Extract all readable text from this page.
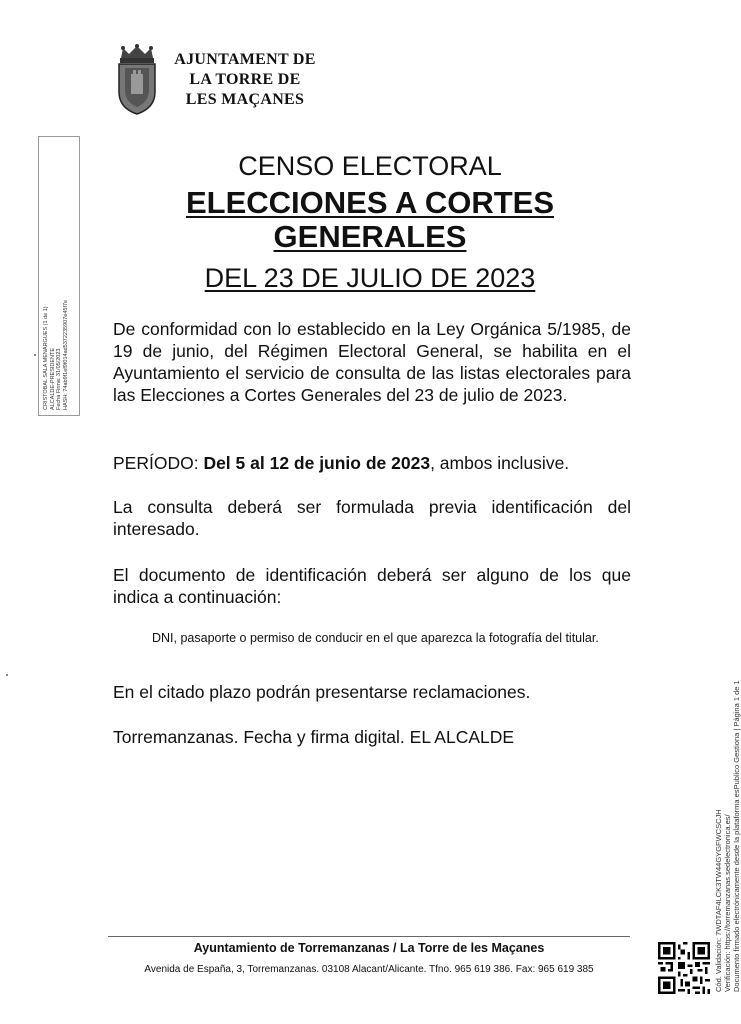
AJUNTAMENT DE
LA TORRE DE
LES MAÇANES
CRISTOBAL SALA MENARGUES (1 de 1) ALCALDE-PRESIDENTE Fecha Firma: 31/05/2023 HASH: 74ab9f1ef9f014ad5372235907e45f7e
CENSO ELECTORAL
ELECCIONES A CORTES
GENERALES
DEL 23 DE JULIO DE 2023
De conformidad con lo establecido en la Ley Orgánica 5/1985, de 19 de junio, del Régimen Electoral General, se habilita en el Ayuntamiento el servicio de consulta de las listas electorales para las Elecciones a Cortes Generales del 23 de julio de 2023.
PERÍODO: Del 5 al 12 de junio de 2023, ambos inclusive.
La consulta deberá ser formulada previa identificación del interesado.
El documento de identificación deberá ser alguno de los que indica a continuación:
DNI, pasaporte o permiso de conducir en el que aparezca la fotografía del titular.
En el citado plazo podrán presentarse reclamaciones.
Torremanzanas. Fecha y firma digital. EL ALCALDE
Ayuntamiento de Torremanzanas / La Torre de les Maçanes
Avenida de España, 3, Torremanzanas. 03108 Alacant/Alicante. Tfno. 965 619 386. Fax: 965 619 385	Cód. Validación: 7WDTAF4LCK3TW44GYGFWCSCJH Verificación: https://torremanzanas.sedelectronica.es/ Documento firmado electrónicamente desde la plataforma esPublico Gestiona | Página 1 de 1
